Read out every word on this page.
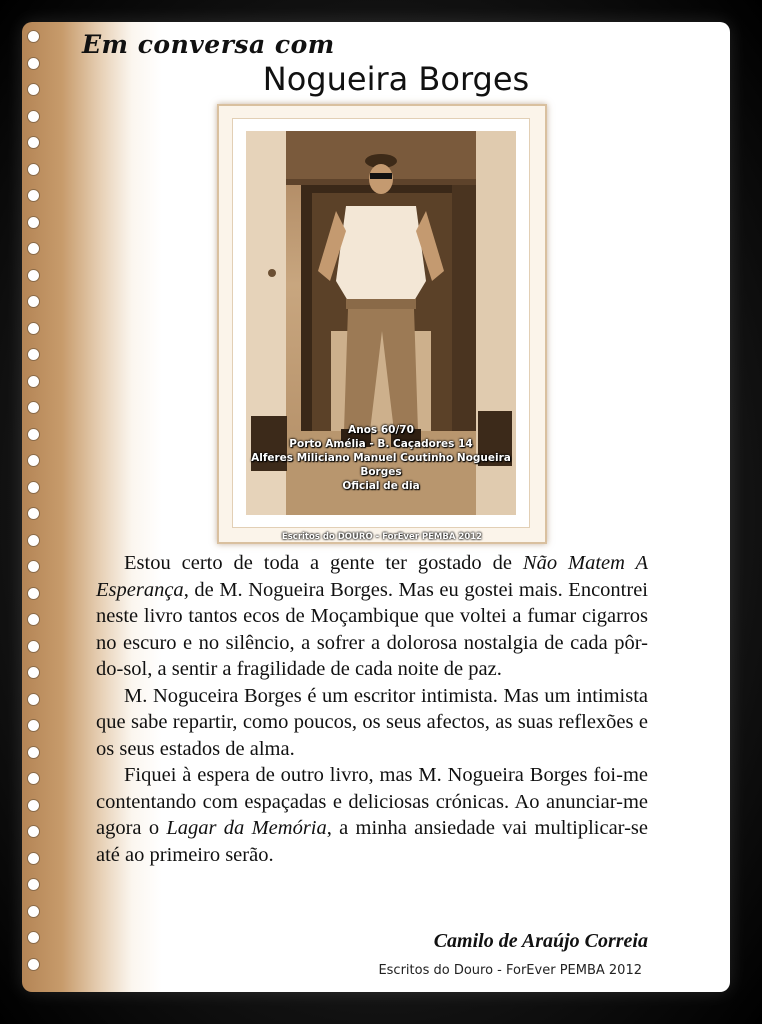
Em conversa com
Nogueira Borges
Anos 60/70
Porto Amélia - B. Caçadores 14
Alferes Miliciano Manuel Coutinho Nogueira Borges
Oficial de dia
Escritos do DOURO - ForEver PEMBA 2012

Estou certo de toda a gente ter gostado de Não Matem A Esperança, de M. Nogueira Borges. Mas eu gostei mais. Encontrei neste livro tantos ecos de Moçambique que voltei a fumar cigarros no escuro e no silêncio, a sofrer a dolorosa nostalgia de cada pôr-do-sol, a sentir a fragilidade de cada noite de paz.

M. Noguceira Borges é um escritor intimista. Mas um intimista que sabe repartir, como poucos, os seus afectos, as suas reflexões e os seus estados de alma.

Fiquei à espera de outro livro, mas M. Nogueira Borges foi-me contentando com espaçadas e deliciosas crónicas. Ao anunciar-me agora o Lagar da Memória, a minha ansiedade vai multiplicar-se até ao primeiro serão.

Camilo de Araújo Correia
Escritos do Douro - ForEver PEMBA 2012
